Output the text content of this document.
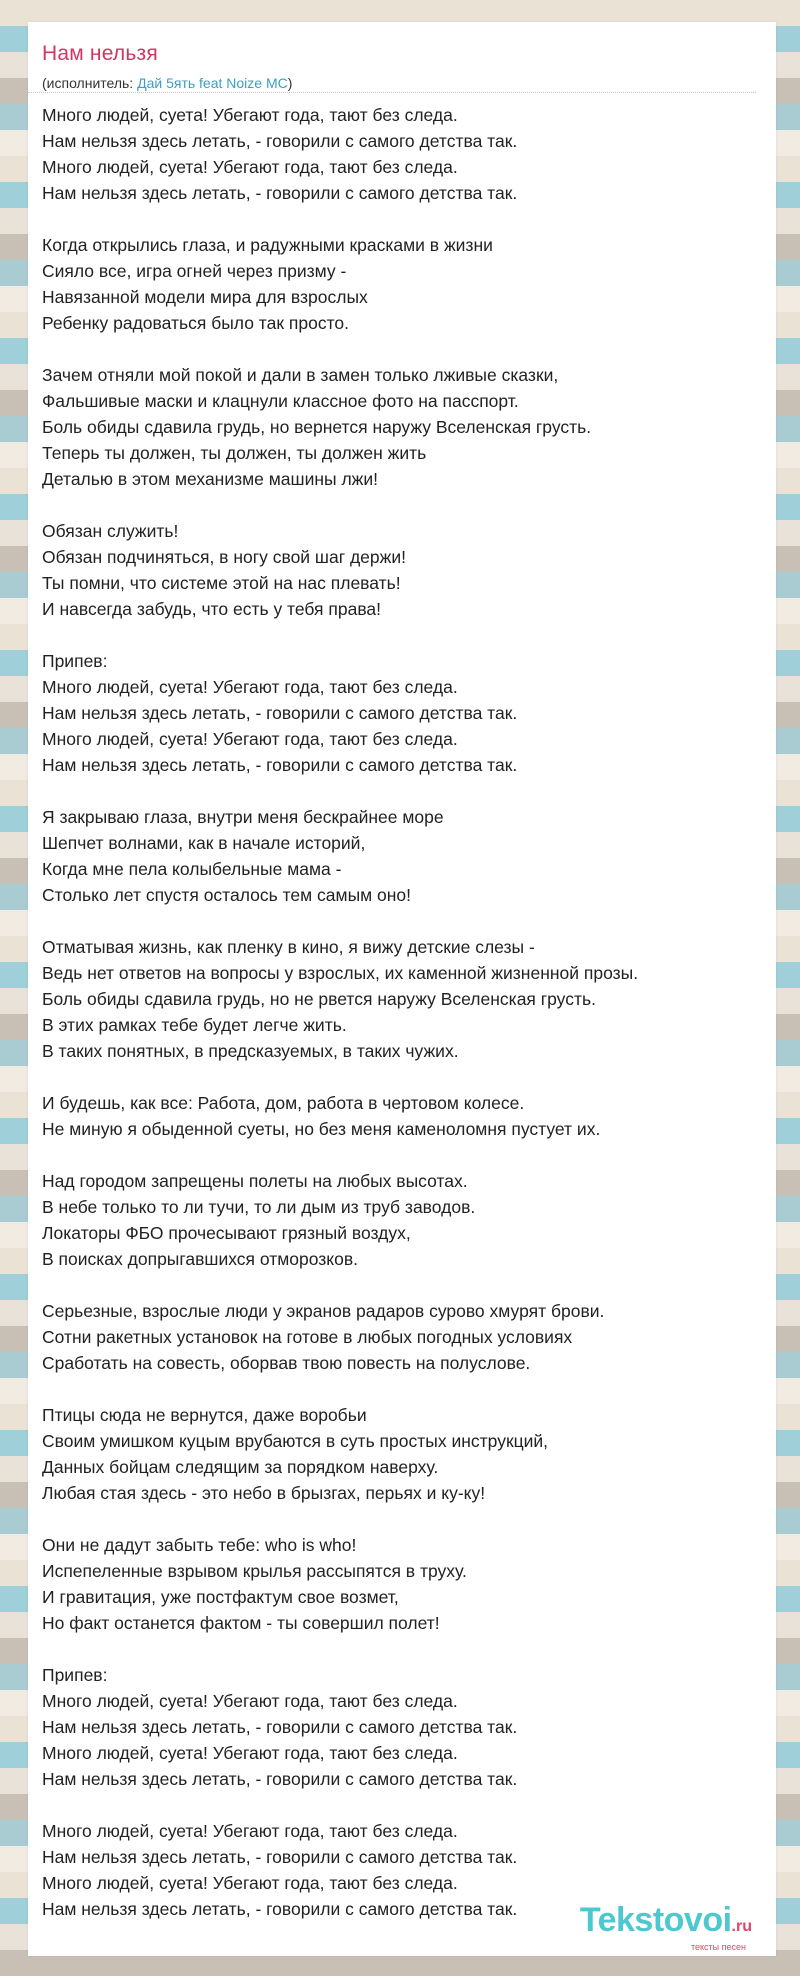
Нам нельзя

(исполнитель: Дай 5ять feat Noize MC)

Много людей, суета! Убегают года, тают без следа.
Нам нельзя здесь летать, - говорили с самого детства так.
Много людей, суета! Убегают года, тают без следа.
Нам нельзя здесь летать, - говорили с самого детства так.
Когда открылись глаза, и радужными красками в жизни
Сияло все, игра огней через призму -
Навязанной модели мира для взрослых
Ребенку радоваться было так просто.
Зачем отняли мой покой и дали в замен только лживые сказки,
Фальшивые маски и клацнули классное фото на пасспорт.
Боль обиды сдавила грудь, но вернется наружу Вселенская грусть.
Теперь ты должен, ты должен, ты должен жить
Деталью в этом механизме машины лжи!
Обязан служить!
Обязан подчиняться, в ногу свой шаг держи!
Ты помни, что системе этой на нас плевать!
И навсегда забудь, что есть у тебя права!
Припев:
Много людей, суета! Убегают года, тают без следа.
Нам нельзя здесь летать, - говорили с самого детства так.
Много людей, суета! Убегают года, тают без следа.
Нам нельзя здесь летать, - говорили с самого детства так.
Я закрываю глаза, внутри меня бескрайнее море
Шепчет волнами, как в начале историй,
Когда мне пела колыбельные мама -
Столько лет спустя осталось тем самым оно!
Отматывая жизнь, как пленку в кино, я вижу детские слезы -
Ведь нет ответов на вопросы у взрослых, их каменной жизненной прозы.
Боль обиды сдавила грудь, но не рвется наружу Вселенская грусть.
В этих рамках тебе будет легче жить.
В таких понятных, в предсказуемых, в таких чужих.
И будешь, как все: Работа, дом, работа в чертовом колесе.
Не миную я обыденной суеты, но без меня каменоломня пустует их.
Над городом запрещены полеты на любых высотах.
В небе только то ли тучи, то ли дым из труб заводов.
Локаторы ФБО прочесывают грязный воздух,
В поисках допрыгавшихся отморозков.
Серьезные, взрослые люди у экранов радаров сурово хмурят брови.
Сотни ракетных установок на готове в любых погодных условиях
Сработать на совесть, оборвав твою повесть на полуслове.
Птицы сюда не вернутся, даже воробьи
Своим умишком куцым врубаются в суть простых инструкций,
Данных бойцам следящим за порядком наверху.
Любая стая здесь - это небо в брызгах, перьях и ку-ку!
Они не дадут забыть тебе: who is who!
Испепеленные взрывом крылья рассыпятся в труху.
И гравитация, уже постфактум свое возмет,
Но факт останется фактом - ты совершил полет!
Припев:
Много людей, суета! Убегают года, тают без следа.
Нам нельзя здесь летать, - говорили с самого детства так.
Много людей, суета! Убегают года, тают без следа.
Нам нельзя здесь летать, - говорили с самого детства так.
Много людей, суета! Убегают года, тают без следа.
Нам нельзя здесь летать, - говорили с самого детства так.
Много людей, суета! Убегают года, тают без следа.
Нам нельзя здесь летать, - говорили с самого детства так.	Tekstovoi.ru
тексты песен
